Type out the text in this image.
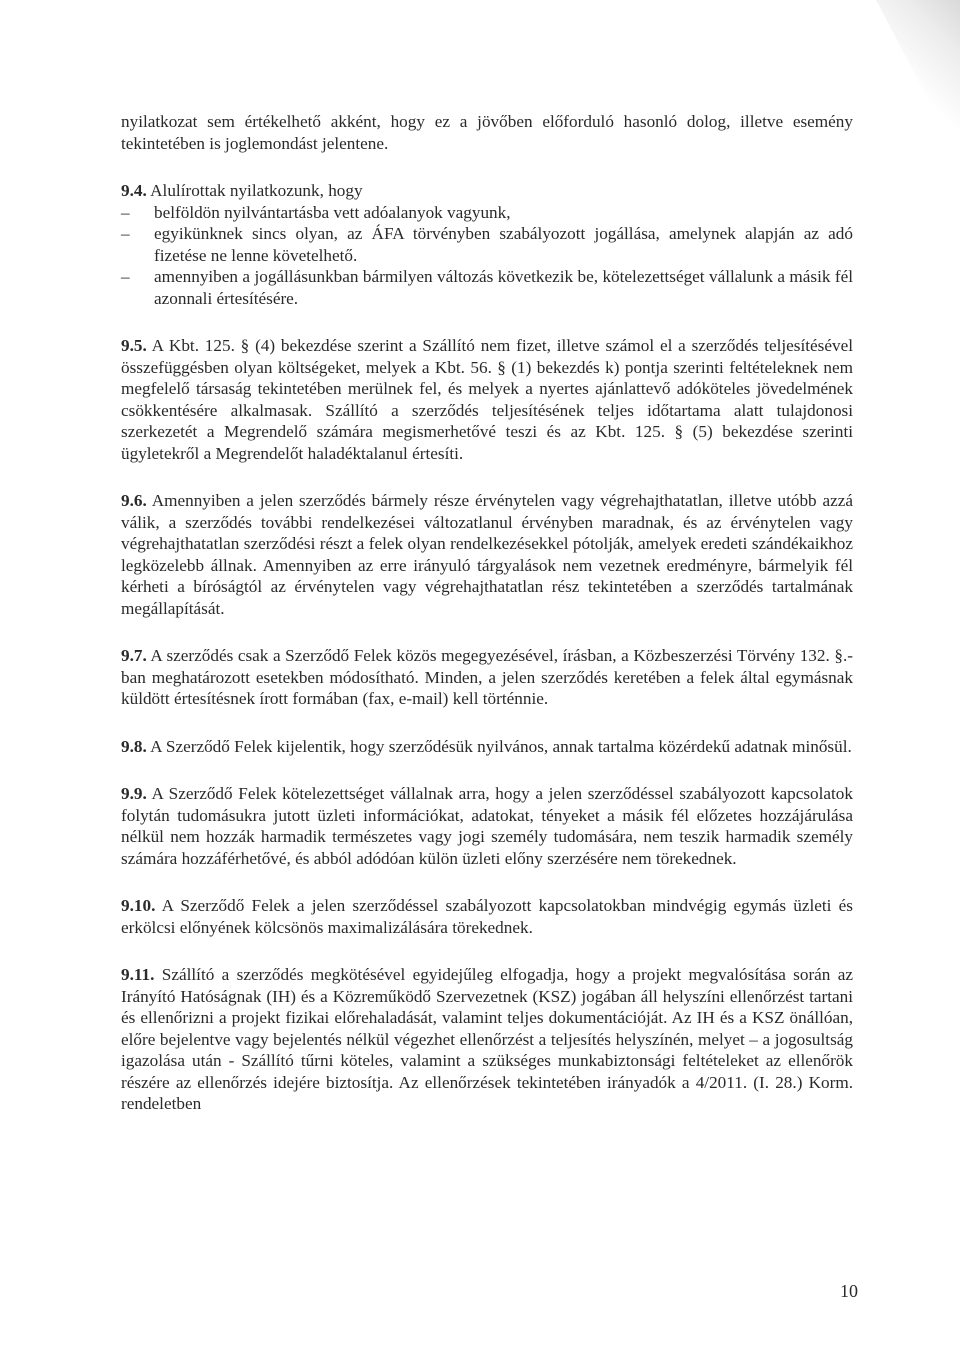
nyilatkozat sem értékelhető akként, hogy ez a jövőben előforduló hasonló dolog, illetve esemény tekintetében is joglemondást jelentene.

9.4. Alulírottak nyilatkozunk, hogy

– belföldön nyilvántartásba vett adóalanyok vagyunk,
– egyikünknek sincs olyan, az ÁFA törvényben szabályozott jogállása, amelynek alapján az adó fizetése ne lenne követelhető.
– amennyiben a jogállásunkban bármilyen változás következik be, kötelezettséget vállalunk a másik fél azonnali értesítésére.

9.5. A Kbt. 125. § (4) bekezdése szerint a Szállító nem fizet, illetve számol el a szerződés teljesítésével összefüggésben olyan költségeket, melyek a Kbt. 56. § (1) bekezdés k) pontja szerinti feltételeknek nem megfelelő társaság tekintetében merülnek fel, és melyek a nyertes ajánlattevő adóköteles jövedelmének csökkentésére alkalmasak. Szállító a szerződés teljesítésének teljes időtartama alatt tulajdonosi szerkezetét a Megrendelő számára megismerhetővé teszi és az Kbt. 125. § (5) bekezdése szerinti ügyletekről a Megrendelőt haladéktalanul értesíti.

9.6. Amennyiben a jelen szerződés bármely része érvénytelen vagy végrehajthatatlan, illetve utóbb azzá válik, a szerződés további rendelkezései változatlanul érvényben maradnak, és az érvénytelen vagy végrehajthatatlan szerződési részt a felek olyan rendelkezésekkel pótolják, amelyek eredeti szándékaikhoz legközelebb állnak. Amennyiben az erre irányuló tárgyalások nem vezetnek eredményre, bármelyik fél kérheti a bíróságtól az érvénytelen vagy végrehajthatatlan rész tekintetében a szerződés tartalmának megállapítását.

9.7. A szerződés csak a Szerződő Felek közös megegyezésével, írásban, a Közbeszerzési Törvény 132. §.-ban meghatározott esetekben módosítható. Minden, a jelen szerződés keretében a felek által egymásnak küldött értesítésnek írott formában (fax, e-mail) kell történnie.

9.8. A Szerződő Felek kijelentik, hogy szerződésük nyilvános, annak tartalma közérdekű adatnak minősül.

9.9. A Szerződő Felek kötelezettséget vállalnak arra, hogy a jelen szerződéssel szabályozott kapcsolatok folytán tudomásukra jutott üzleti információkat, adatokat, tényeket a másik fél előzetes hozzájárulása nélkül nem hozzák harmadik természetes vagy jogi személy tudomására, nem teszik harmadik személy számára hozzáférhetővé, és abból adódóan külön üzleti előny szerzésére nem törekednek.

9.10. A Szerződő Felek a jelen szerződéssel szabályozott kapcsolatokban mindvégig egymás üzleti és erkölcsi előnyének kölcsönös maximalizálására törekednek.

9.11. Szállító a szerződés megkötésével egyidejűleg elfogadja, hogy a projekt megvalósítása során az Irányító Hatóságnak (IH) és a Közreműködő Szervezetnek (KSZ) jogában áll helyszíni ellenőrzést tartani és ellenőrizni a projekt fizikai előrehaladását, valamint teljes dokumentációját. Az IH és a KSZ önállóan, előre bejelentve vagy bejelentés nélkül végezhet ellenőrzést a teljesítés helyszínén, melyet – a jogosultság igazolása után - Szállító tűrni köteles, valamint a szükséges munkabiztonsági feltételeket az ellenőrök részére az ellenőrzés idejére biztosítja. Az ellenőrzések tekintetében irányadók a 4/2011. (I. 28.) Korm. rendeletben

10
